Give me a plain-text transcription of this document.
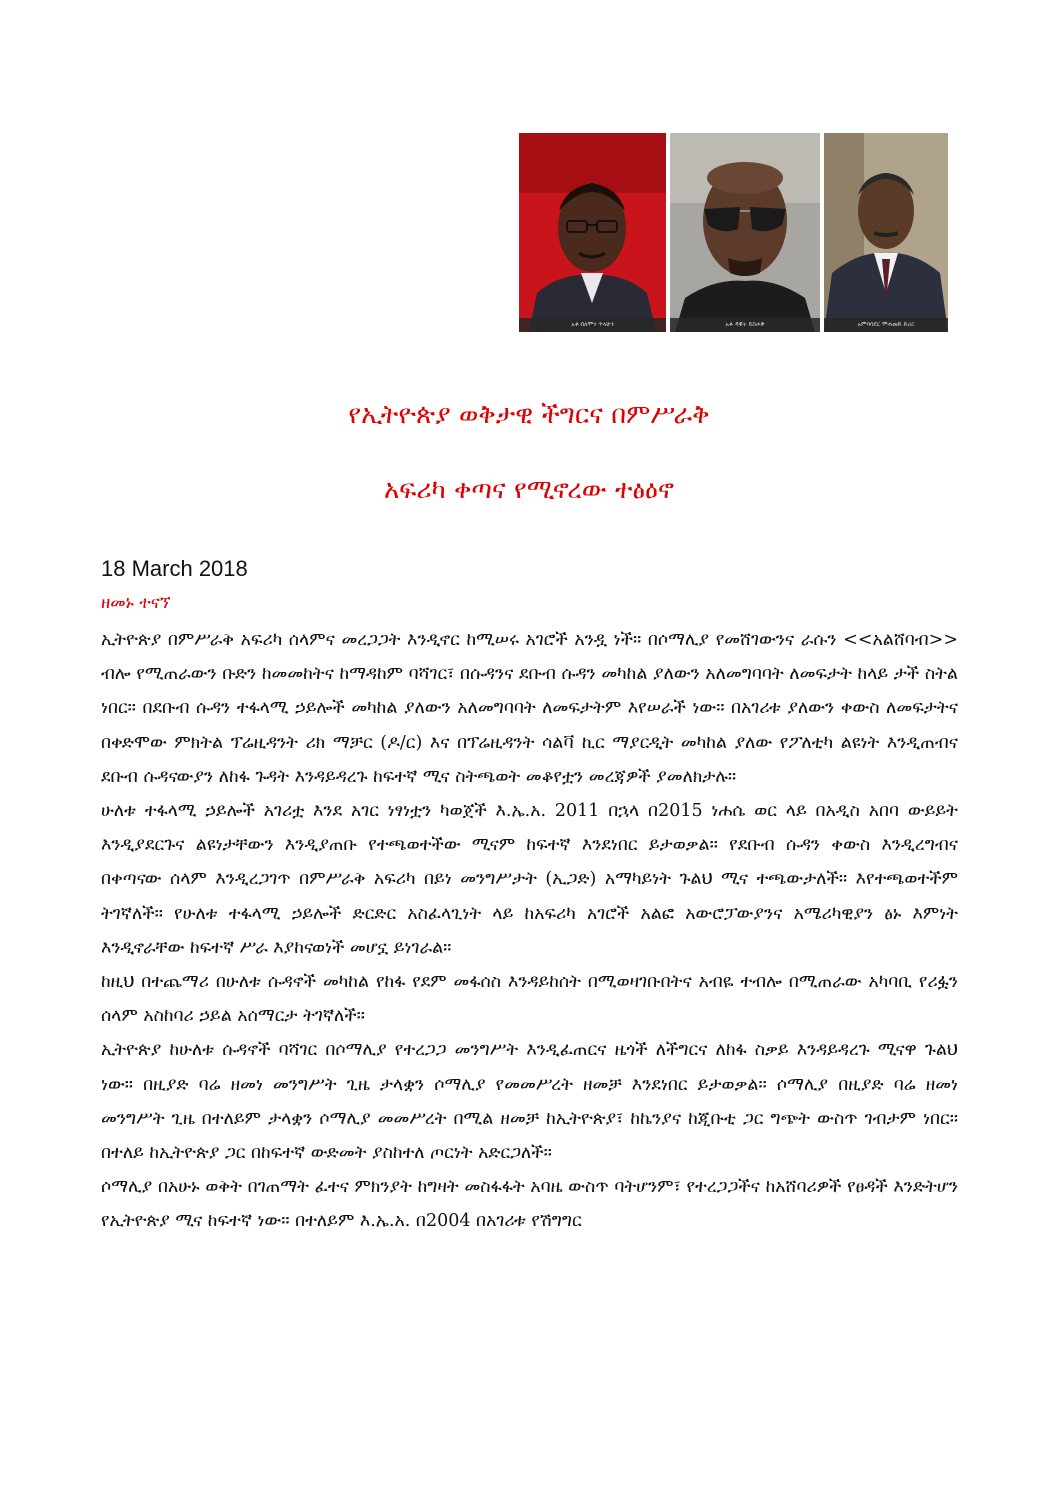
አቶ ሰለሞን ጥላሁን	አቶ ዳዊት ይስሐቅ	አምባሳደር ሞሐመድ ድሪር
የኢትዮጵያ ወቅታዊ ችግርና በምሥራቅ
አፍሪካ ቀጣና የሚኖረው ተፅዕኖ
18 March 2018
ዘመኑ ተናኘ

ኢትዮጵያ በምሥራቅ አፍሪካ ሰላምና መረጋጋት እንዲኖር ከሚሠሩ አገሮች አንዷ ነች፡፡ በሶማሊያ የመሸገውንና ራሱን <<አልሸባብ>> ብሎ የሚጠራውን ቡድን ከመመከትና ከማዳከም ባሻገር፣ በሱዳንና ደቡብ ሱዳን መካከል ያለውን አለመግባባት ለመፍታት ከላይ ታች ስትል ነበር፡፡ በደቡብ ሱዳን ተፋላሚ ኃይሎች መካከል ያለውን አለመግባባት ለመፍታትም እየሠራች ነው፡፡ በአገሪቱ ያለውን ቀውስ ለመፍታትና በቀድሞው ምክትል ፕሬዚዳንት ሪክ ማቻር (ዶ/ር) እና በፕሬዚዳንት ሳልቫ ኪር ማያርዲት መካከል ያለው የፖለቲካ ልዩነት እንዲጠብና ደቡብ ሱዳናውያን ለከፋ ጉዳት እንዳይዳረጉ ከፍተኛ ሚና ስትጫወት መቆየቷን መረጃዎች ያመለክታሉ፡፡

ሁለቱ ተፋላሚ ኃይሎች አገሪቷ እንደ አገር ነፃነቷን ካወጀች እ.ኤ.አ. 2011 በኋላ በ2015 ነሐሴ ወር ላይ በአዲስ አበባ ውይይት እንዲያደርጉና ልዩነታቸውን እንዲያጠቡ የተጫወተችው ሚናም ከፍተኛ እንደነበር ይታወቃል፡፡ የደቡብ ሱዳን ቀውስ እንዲረግብና በቀጣናው ሰላም እንዲረጋገጥ በምሥራቅ አፍሪካ በይነ መንግሥታት (ኢጋድ) አማካይነት ጉልህ ሚና ተጫውታለች፡፡ እየተጫወተችም ትገኛለች፡፡ የሁለቱ ተፋላሚ ኃይሎች ድርድር አስፈላጊነት ላይ ከአፍሪካ አገሮች አልፎ አውሮፓውያንና አሜሪካዊያን ፅኑ እምነት እንዲኖራቸው ከፍተኛ ሥራ እያከናወነች መሆኗ ይነገራል፡፡

ከዚህ በተጨማሪ በሁለቱ ሱዳኖች መካከል የከፋ የደም መፋሰስ እንዳይከሰት በሚወዛገቡበትና አብዬ ተብሎ በሚጠራው አካባቢ የሪፏን ሰላም አስከባሪ ኃይል አሰማርታ ትገኛለች፡፡

ኢትዮጵያ ከሁለቱ ሱዳኖች ባሻገር በሶማሊያ የተረጋጋ መንግሥት እንዲፈጠርና ዜጎች ለችግርና ለከፋ ስቃይ እንዳይዳረጉ ሚናዋ ጉልህ ነው፡፡ በዚያድ ባሬ ዘመነ መንግሥት ጊዜ ታላቋን ሶማሊያ የመመሥረት ዘመቻ እንደነበር ይታወቃል፡፡ ሶማሊያ በዚያድ ባሬ ዘመነ መንግሥት ጊዜ በተለይም ታላቋን ሶማሊያ መመሥረት በሚል ዘመቻ ከኢትዮጵያ፣ ከኬንያና ከጂቡቲ ጋር ግጭት ውስጥ ገብታም ነበር፡፡ በተለይ ከኢትዮጵያ ጋር በከፍተኛ ውድመት ያስከተለ ጦርነት አድርጋለች፡፡

ሶማሊያ በአሁኑ ወቅት በገጠማት ፈተና ምክንያት ከግዛት መስፋፋት አባዜ ውስጥ ባትሆንም፣ የተረጋጋችና ከአሸባሪዎች የፀዳች እንድትሆን የኢትዮጵያ ሚና ከፍተኛ ነው፡፡ በተለይም እ.ኤ.አ. በ2004 በአገሪቱ የሽግግር
